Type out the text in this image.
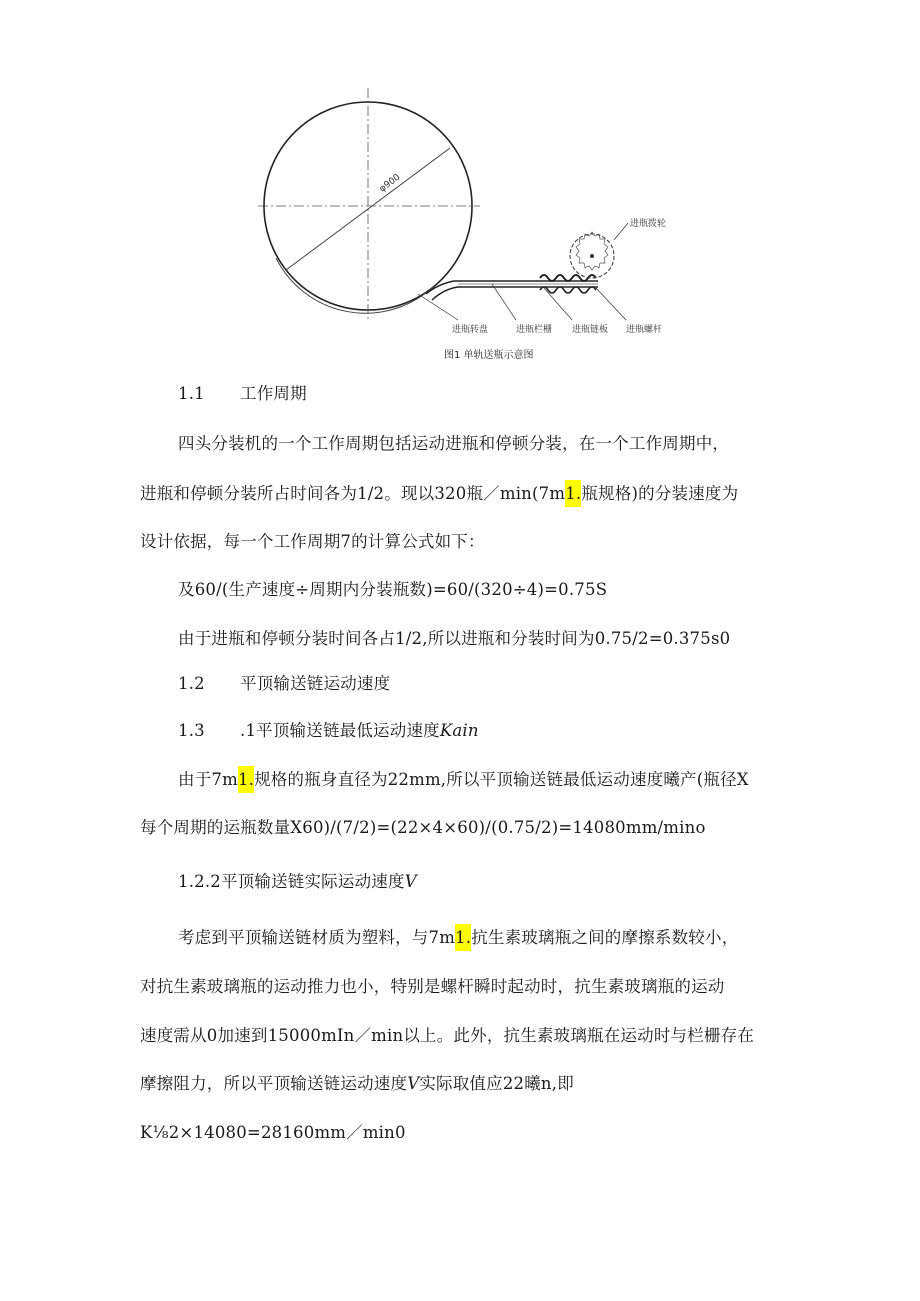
φ900
进瓶拨轮
进瓶转盘	进瓶栏栅 进瓶链板 进瓶螺杆
图1 单轨送瓶示意图
1.1 工作周期
四头分装机的一个工作周期包括运动进瓶和停顿分装，在一个工作周期中，
进瓶和停顿分装所占时间各为1/2。现以320瓶／min(7m1.瓶规格)的分装速度为
设计依据，每一个工作周期7的计算公式如下：
及60/(生产速度÷周期内分装瓶数)=60/(320÷4)=0.75S
由于进瓶和停顿分装时间各占1/2,所以进瓶和分装时间为0.75/2=0.375s0
1.2 平顶输送链运动速度
1.3 .1平顶输送链最低运动速度Kain
由于7m1.规格的瓶身直径为22mm,所以平顶输送链最低运动速度曦产(瓶径X
每个周期的运瓶数量X60)/(7/2)=(22×4×60)/(0.75/2)=14080mm/mino
1.2.2平顶输送链实际运动速度V
考虑到平顶输送链材质为塑料，与7m1.抗生素玻璃瓶之间的摩擦系数较小，
对抗生素玻璃瓶的运动推力也小，特别是螺杆瞬时起动时，抗生素玻璃瓶的运动
速度需从0加速到15000mIn／min以上。此外，抗生素玻璃瓶在运动时与栏栅存在
摩擦阻力，所以平顶输送链运动速度V实际取值应22曦n,即
K⅛2×14080=28160mm／min0
